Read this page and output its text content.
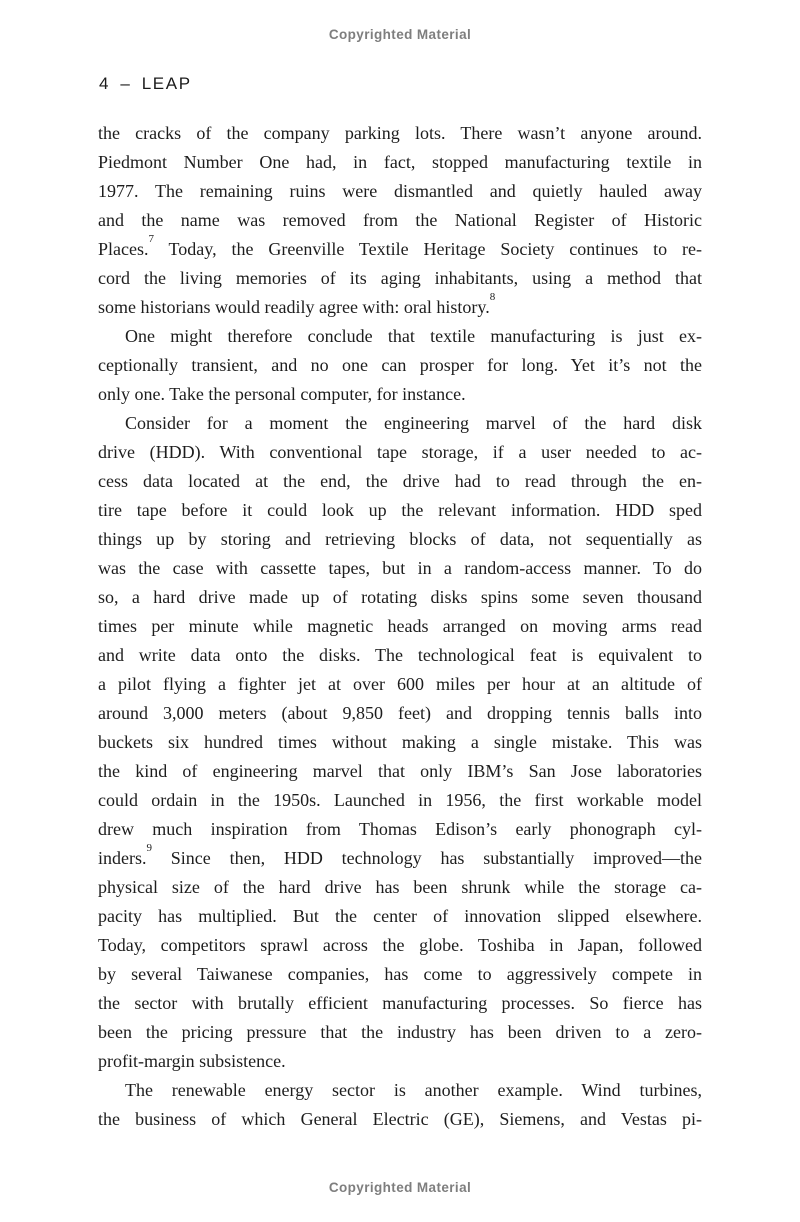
Copyrighted Material
4 – LEAP
the cracks of the company parking lots. There wasn’t anyone around.
Piedmont Number One had, in fact, stopped manufacturing textile in
1977. The remaining ruins were dismantled and quietly hauled away
and the name was removed from the National Register of Historic
Places.$^7$ Today, the Greenville Textile Heritage Society continues to re-
cord the living memories of its aging inhabitants, using a method that
some historians would readily agree with: oral history.$^8$
One might therefore conclude that textile manufacturing is just ex-
ceptionally transient, and no one can prosper for long. Yet it’s not the
only one. Take the personal computer, for instance.
Consider for a moment the engineering marvel of the hard disk
drive (HDD). With conventional tape storage, if a user needed to ac-
cess data located at the end, the drive had to read through the en-
tire tape before it could look up the relevant information. HDD sped
things up by storing and retrieving blocks of data, not sequentially as
was the case with cassette tapes, but in a random-access manner. To do
so, a hard drive made up of rotating disks spins some seven thousand
times per minute while magnetic heads arranged on moving arms read
and write data onto the disks. The technological feat is equivalent to
a pilot flying a fighter jet at over 600 miles per hour at an altitude of
around 3,000 meters (about 9,850 feet) and dropping tennis balls into
buckets six hundred times without making a single mistake. This was
the kind of engineering marvel that only IBM’s San Jose laboratories
could ordain in the 1950s. Launched in 1956, the first workable model
drew much inspiration from Thomas Edison’s early phonograph cyl-
inders.$^9$ Since then, HDD technology has substantially improved—the
physical size of the hard drive has been shrunk while the storage ca-
pacity has multiplied. But the center of innovation slipped elsewhere.
Today, competitors sprawl across the globe. Toshiba in Japan, followed
by several Taiwanese companies, has come to aggressively compete in
the sector with brutally efficient manufacturing processes. So fierce has
been the pricing pressure that the industry has been driven to a zero-
profit-margin subsistence.
The renewable energy sector is another example. Wind turbines,
the business of which General Electric (GE), Siemens, and Vestas pi-
Copyrighted Material
